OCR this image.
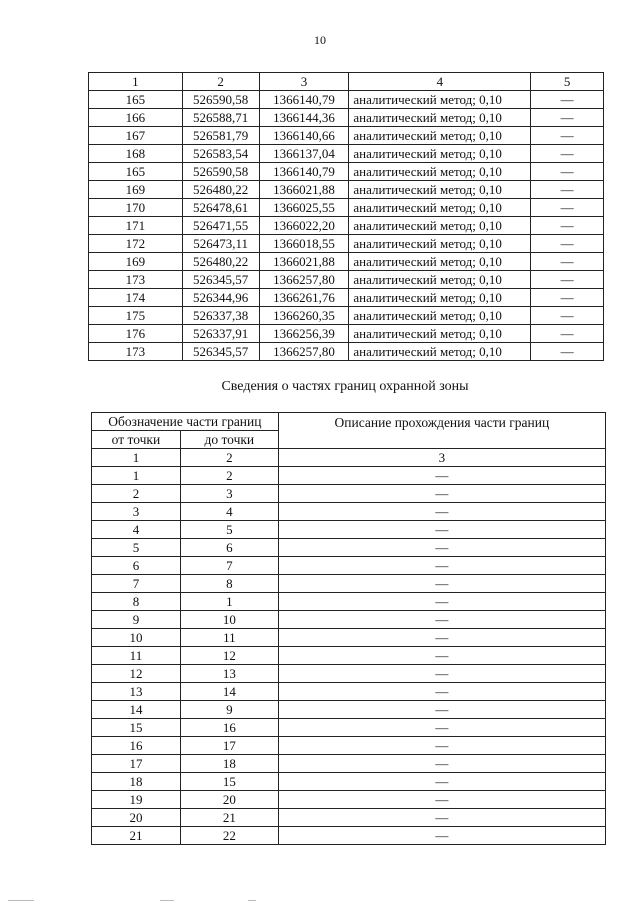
10
1	2	3	4	5
165	526590,58	1366140,79	аналитический метод; 0,10	—
166	526588,71	1366144,36	аналитический метод; 0,10	—
167	526581,79	1366140,66	аналитический метод; 0,10	—
168	526583,54	1366137,04	аналитический метод; 0,10	—
165	526590,58	1366140,79	аналитический метод; 0,10	—
169	526480,22	1366021,88	аналитический метод; 0,10	—
170	526478,61	1366025,55	аналитический метод; 0,10	—
171	526471,55	1366022,20	аналитический метод; 0,10	—
172	526473,11	1366018,55	аналитический метод; 0,10	—
169	526480,22	1366021,88	аналитический метод; 0,10	—
173	526345,57	1366257,80	аналитический метод; 0,10	—
174	526344,96	1366261,76	аналитический метод; 0,10	—
175	526337,38	1366260,35	аналитический метод; 0,10	—
176	526337,91	1366256,39	аналитический метод; 0,10	—
173	526345,57	1366257,80	аналитический метод; 0,10	—
Сведения о частях границ охранной зоны
Обозначение части границ		Описание прохождения части границ
от точки	до точки	
1	2	3
1	2	—
2	3	—
3	4	—
4	5	—
5	6	—
6	7	—
7	8	—
8	1	—
9	10	—
10	11	—
11	12	—
12	13	—
13	14	—
14	9	—
15	16	—
16	17	—
17	18	—
18	15	—
19	20	—
20	21	—
21	22	—
